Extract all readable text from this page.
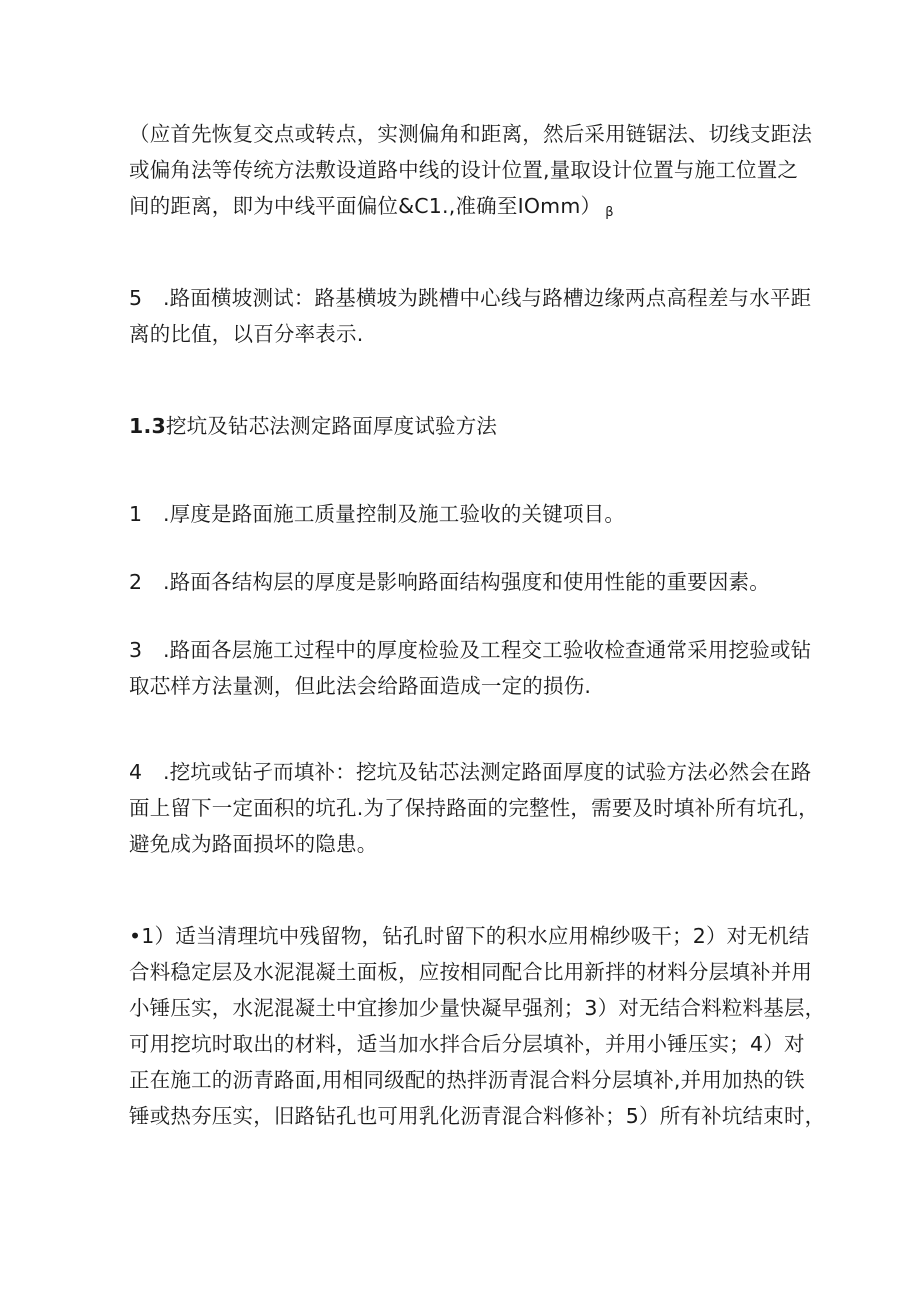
（应首先恢复交点或转点，实测偏角和距离，然后采用链锯法、切线支距法
或偏角法等传统方法敷设道路中线的设计位置,量取设计位置与施工位置之
间的距离，即为中线平面偏位&C1.,准确至IOmm） β
5　.路面横坡测试：路基横坡为跳槽中心线与路槽边缘两点高程差与水平距
离的比值，以百分率表示.
1.3挖坑及钻芯法测定路面厚度试验方法
1　.厚度是路面施工质量控制及施工验收的关键项目。
2　.路面各结构层的厚度是影响路面结构强度和使用性能的重要因素。
3　.路面各层施工过程中的厚度检验及工程交工验收检查通常采用挖验或钻
取芯样方法量测，但此法会给路面造成一定的损伤.
4　.挖坑或钻孑而填补：挖坑及钻芯法测定路面厚度的试验方法必然会在路
面上留下一定面积的坑孔.为了保持路面的完整性，需要及时填补所有坑孔，
避免成为路面损坏的隐患。
•1）适当清理坑中残留物，钻孔时留下的积水应用棉纱吸干；2）对无机结
合料稳定层及水泥混凝土面板，应按相同配合比用新拌的材料分层填补并用
小锤压实，水泥混凝土中宜掺加少量快凝早强剂；3）对无结合料粒料基层，
可用挖坑时取出的材料，适当加水拌合后分层填补，并用小锤压实；4）对
正在施工的沥青路面,用相同级配的热拌沥青混合料分层填补,并用加热的铁
锤或热夯压实，旧路钻孔也可用乳化沥青混合料修补；5）所有补坑结束时，
